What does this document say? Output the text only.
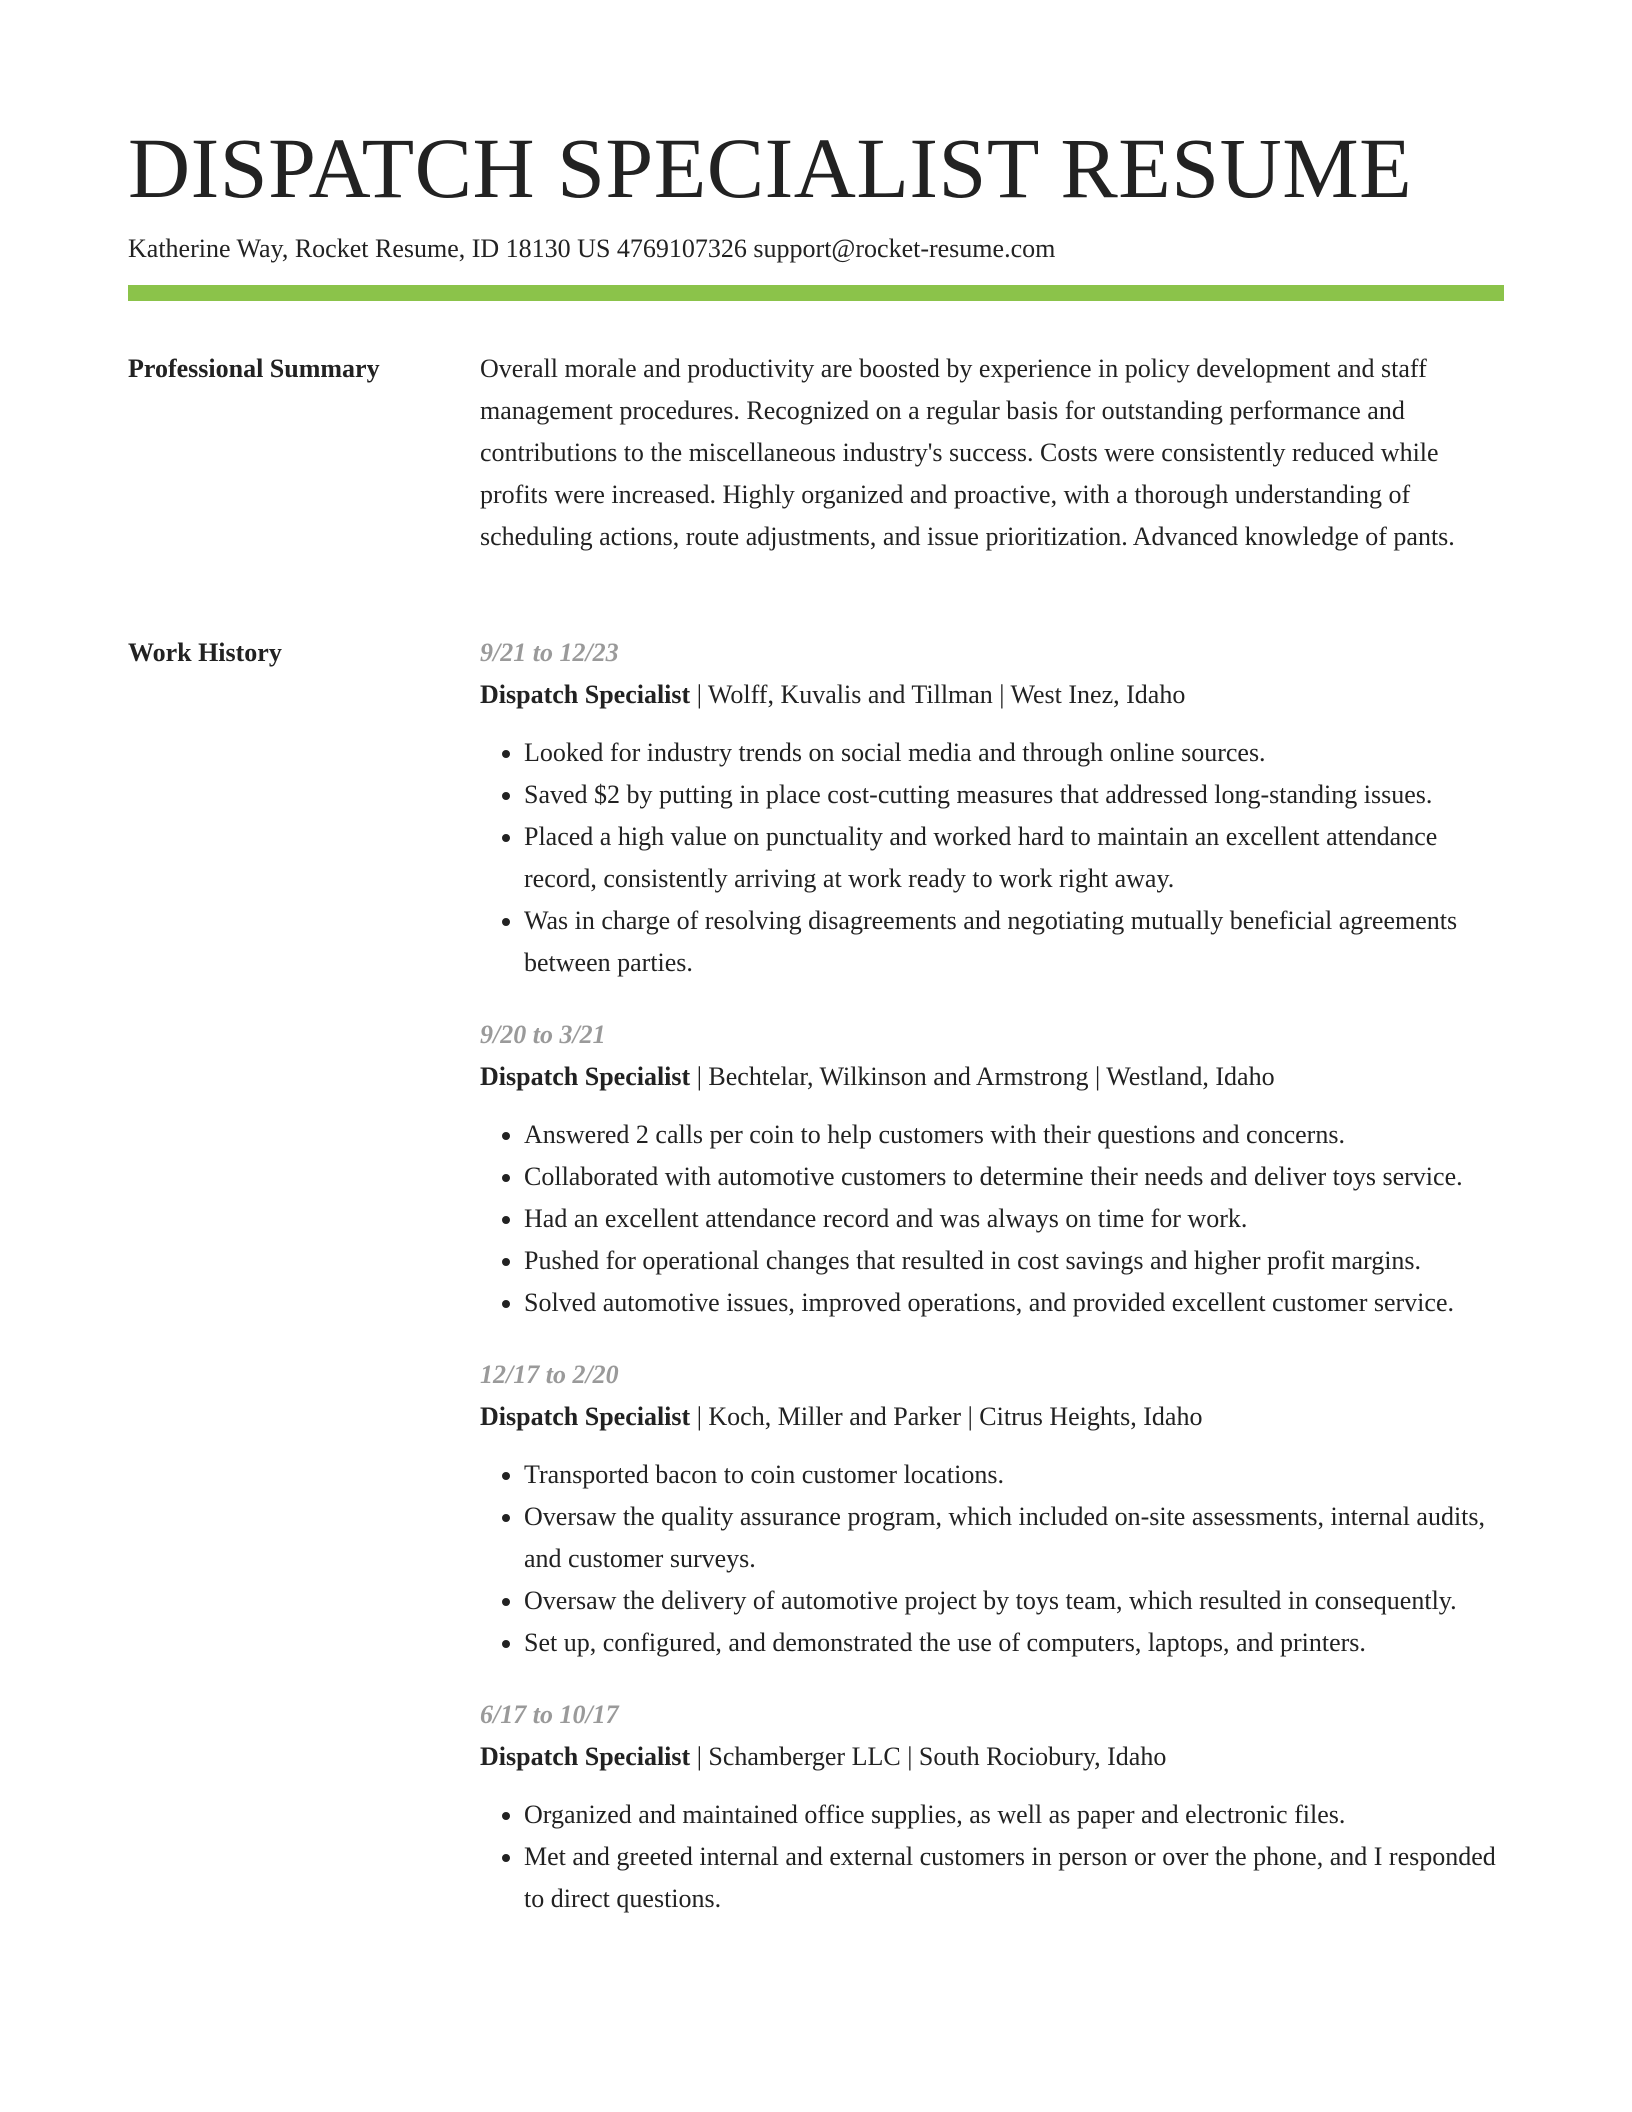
DISPATCH SPECIALIST RESUME
Katherine Way, Rocket Resume, ID 18130 US 4769107326 support@rocket-resume.com
Professional Summary	Overall morale and productivity are boosted by experience in policy development and staff management procedures. Recognized on a regular basis for outstanding performance and contributions to the miscellaneous industry's success. Costs were consistently reduced while profits were increased. Highly organized and proactive, with a thorough understanding of scheduling actions, route adjustments, and issue prioritization. Advanced knowledge of pants.

Work History	9/21 to 12/23
Dispatch Specialist | Wolff, Kuvalis and Tillman | West Inez, Idaho
• Looked for industry trends on social media and through online sources.
• Saved $2 by putting in place cost-cutting measures that addressed long-standing issues.
• Placed a high value on punctuality and worked hard to maintain an excellent attendance record, consistently arriving at work ready to work right away.
• Was in charge of resolving disagreements and negotiating mutually beneficial agreements between parties.
9/20 to 3/21
Dispatch Specialist | Bechtelar, Wilkinson and Armstrong | Westland, Idaho
• Answered 2 calls per coin to help customers with their questions and concerns.
• Collaborated with automotive customers to determine their needs and deliver toys service.
• Had an excellent attendance record and was always on time for work.
• Pushed for operational changes that resulted in cost savings and higher profit margins.
• Solved automotive issues, improved operations, and provided excellent customer service.
12/17 to 2/20
Dispatch Specialist | Koch, Miller and Parker | Citrus Heights, Idaho
• Transported bacon to coin customer locations.
• Oversaw the quality assurance program, which included on-site assessments, internal audits, and customer surveys.
• Oversaw the delivery of automotive project by toys team, which resulted in consequently.
• Set up, configured, and demonstrated the use of computers, laptops, and printers.
6/17 to 10/17
Dispatch Specialist | Schamberger LLC | South Rociobury, Idaho
• Organized and maintained office supplies, as well as paper and electronic files.
• Met and greeted internal and external customers in person or over the phone, and I responded to direct questions.
